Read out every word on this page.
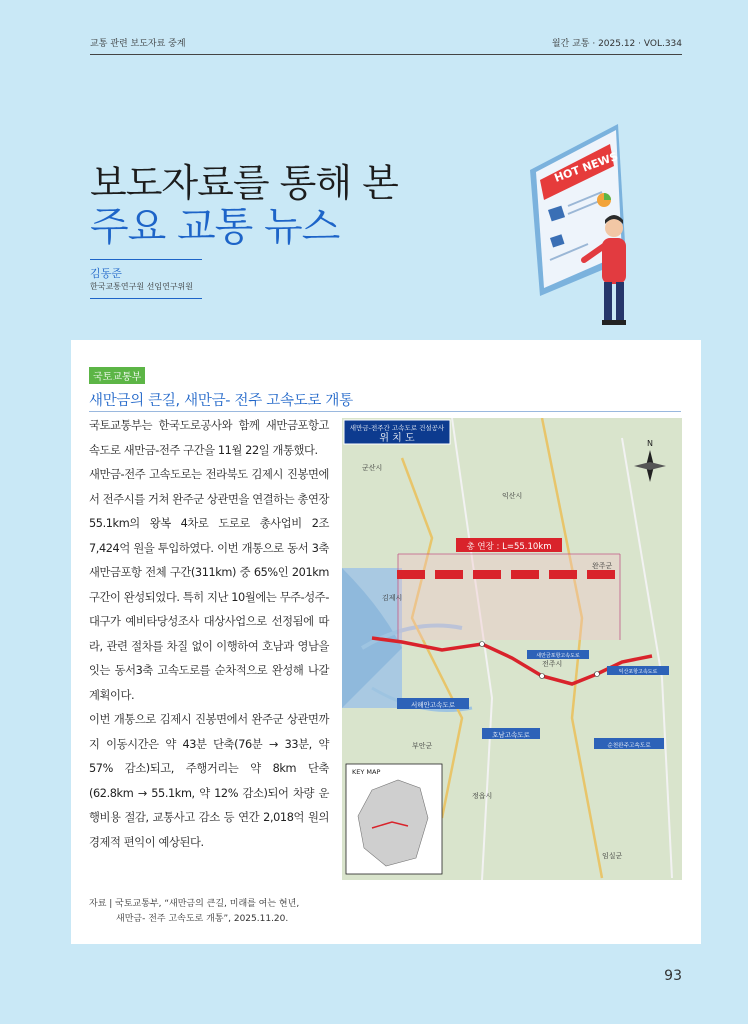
교통 관련 보도자료 중계	월간 교통 · 2025.12 · VOL.334
보도자료를 통해 본
주요 교통 뉴스
김동준
한국교통연구원 선임연구위원
HOT NEWS
국토교통부
새만금의 큰길, 새만금- 전주 고속도로 개통

국토교통부는 한국도로공사와 함께 새만금포항고속도로 새만금-전주 구간을 11월 22일 개통했다.

새만금-전주 고속도로는 전라북도 김제시 진봉면에서 전주시를 거쳐 완주군 상관면을 연결하는 총연장 55.1km의 왕복 4차로 도로로 총사업비 2조 7,424억 원을 투입하였다. 이번 개통으로 동서 3축 새만금포항 전체 구간(311km) 중 65%인 201km 구간이 완성되었다. 특히 지난 10월에는 무주-성주-대구가 예비타당성조사 대상사업으로 선정됨에 따라, 관련 절차를 차질 없이 이행하여 호남과 영남을 잇는 동서3축 고속도로를 순차적으로 완성해 나갈 계획이다.

이번 개통으로 김제시 진봉면에서 완주군 상관면까지 이동시간은 약 43분 단축(76분 → 33분, 약 57% 감소)되고, 주행거리는 약 8km 단축(62.8km → 55.1km, 약 12% 감소)되어 차량 운행비용 절감, 교통사고 감소 등 연간 2,018억 원의 경제적 편익이 예상된다.

새만금-전주간 고속도로 건설공사
위 치 도
총 연장 : L=55.10km
서해안고속도로
호남고속도로
순천완주고속도로
새만금포항고속도로
익산포항고속도로
군산시
익산시
완주군
김제시
전주시
부안군
정읍시
임실군
N
KEY MAP
자료 | 국토교통부, “새만금의 큰길, 미래를 여는 현년,
새만금- 전주 고속도로 개통”, 2025.11.20.
93
